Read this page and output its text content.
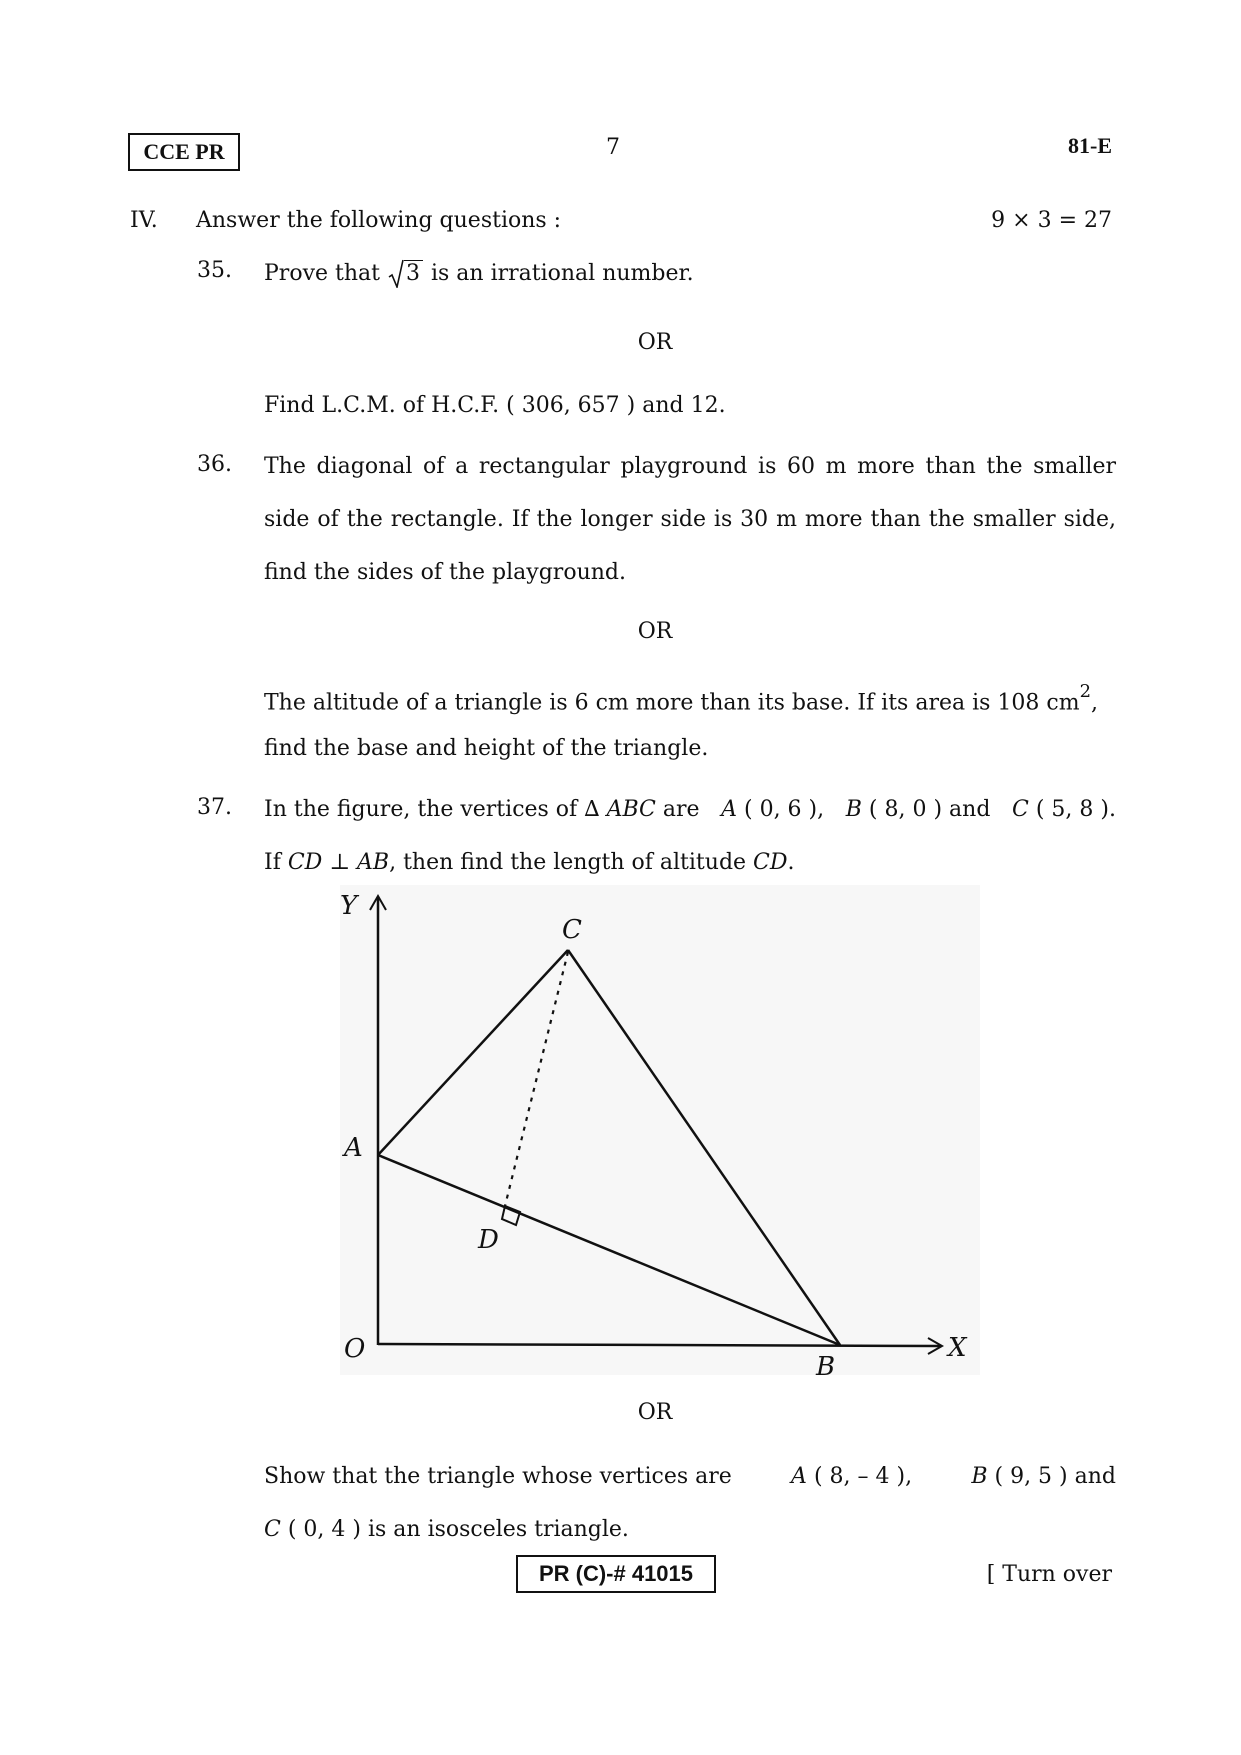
CCE PR	7	81-E
IV. Answer the following questions :	9 × 3 = 27
35. Prove that 3 is an irrational number.
OR
Find L.C.M. of H.C.F. ( 306, 657 ) and 12.
36. The diagonal of a rectangular playground is 60 m more than the smaller
side of the rectangle. If the longer side is 30 m more than the smaller side,
find the sides of the playground.
OR
The altitude of a triangle is 6 cm more than its base. If its area is 108 $cm^2$,
find the base and height of the triangle.
37. In the figure, the vertices of ∆ ABC are A ( 0, 6 ), B ( 8, 0 ) and C ( 5, 8 ).
If CD ⊥ AB, then find the length of altitude CD.
Y
X
O
A
B
C
D
OR
Show that the triangle whose vertices are	A ( 8, – 4 ),	B ( 9, 5 ) and
C ( 0, 4 ) is an isosceles triangle.
PR (C)-# 41015	[ Turn over
